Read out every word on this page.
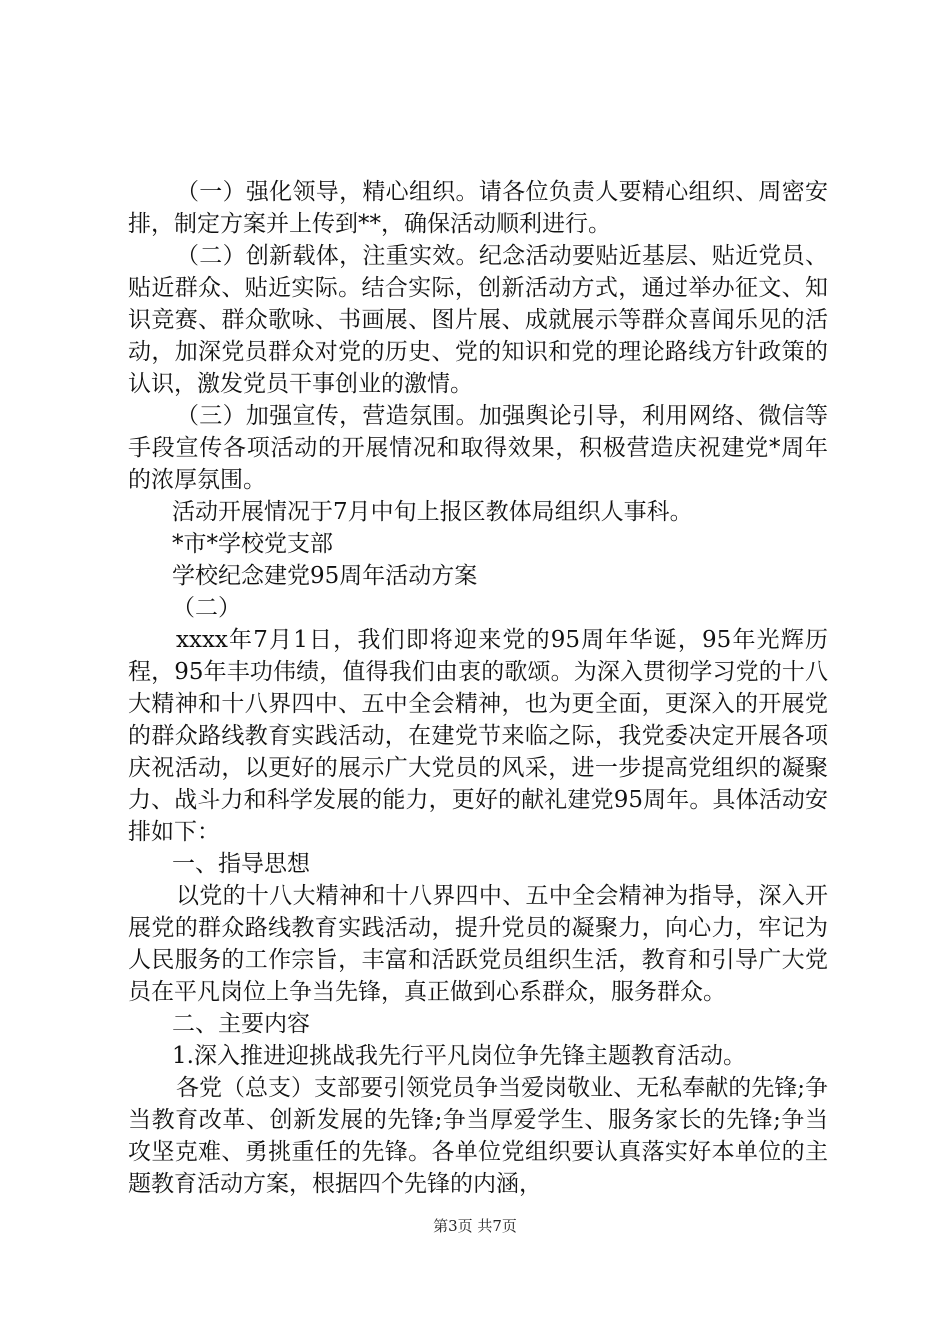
（一）强化领导，精心组织。请各位负责人要精心组织、周密安排，制定方案并上传到**，确保活动顺利进行。

（二）创新载体，注重实效。纪念活动要贴近基层、贴近党员、贴近群众、贴近实际。结合实际，创新活动方式，通过举办征文、知识竞赛、群众歌咏、书画展、图片展、成就展示等群众喜闻乐见的活动，加深党员群众对党的历史、党的知识和党的理论路线方针政策的认识，激发党员干事创业的激情。

（三）加强宣传，营造氛围。加强舆论引导，利用网络、微信等手段宣传各项活动的开展情况和取得效果，积极营造庆祝建党*周年的浓厚氛围。

活动开展情况于7月中旬上报区教体局组织人事科。

*市*学校党支部

学校纪念建党95周年活动方案

（二）

xxxx年7月1日，我们即将迎来党的95周年华诞，95年光辉历程，95年丰功伟绩，值得我们由衷的歌颂。为深入贯彻学习党的十八大精神和十八界四中、五中全会精神，也为更全面，更深入的开展党的群众路线教育实践活动，在建党节来临之际，我党委决定开展各项庆祝活动，以更好的展示广大党员的风采，进一步提高党组织的凝聚力、战斗力和科学发展的能力，更好的献礼建党95周年。具体活动安排如下：

一、指导思想

以党的十八大精神和十八界四中、五中全会精神为指导，深入开展党的群众路线教育实践活动，提升党员的凝聚力，向心力，牢记为人民服务的工作宗旨，丰富和活跃党员组织生活，教育和引导广大党员在平凡岗位上争当先锋，真正做到心系群众，服务群众。

二、主要内容

1.深入推进迎挑战我先行平凡岗位争先锋主题教育活动。

各党（总支）支部要引领党员争当爱岗敬业、无私奉献的先锋;争当教育改革、创新发展的先锋;争当厚爱学生、服务家长的先锋;争当攻坚克难、勇挑重任的先锋。各单位党组织要认真落实好本单位的主题教育活动方案，根据四个先锋的内涵，

第3页 共7页
